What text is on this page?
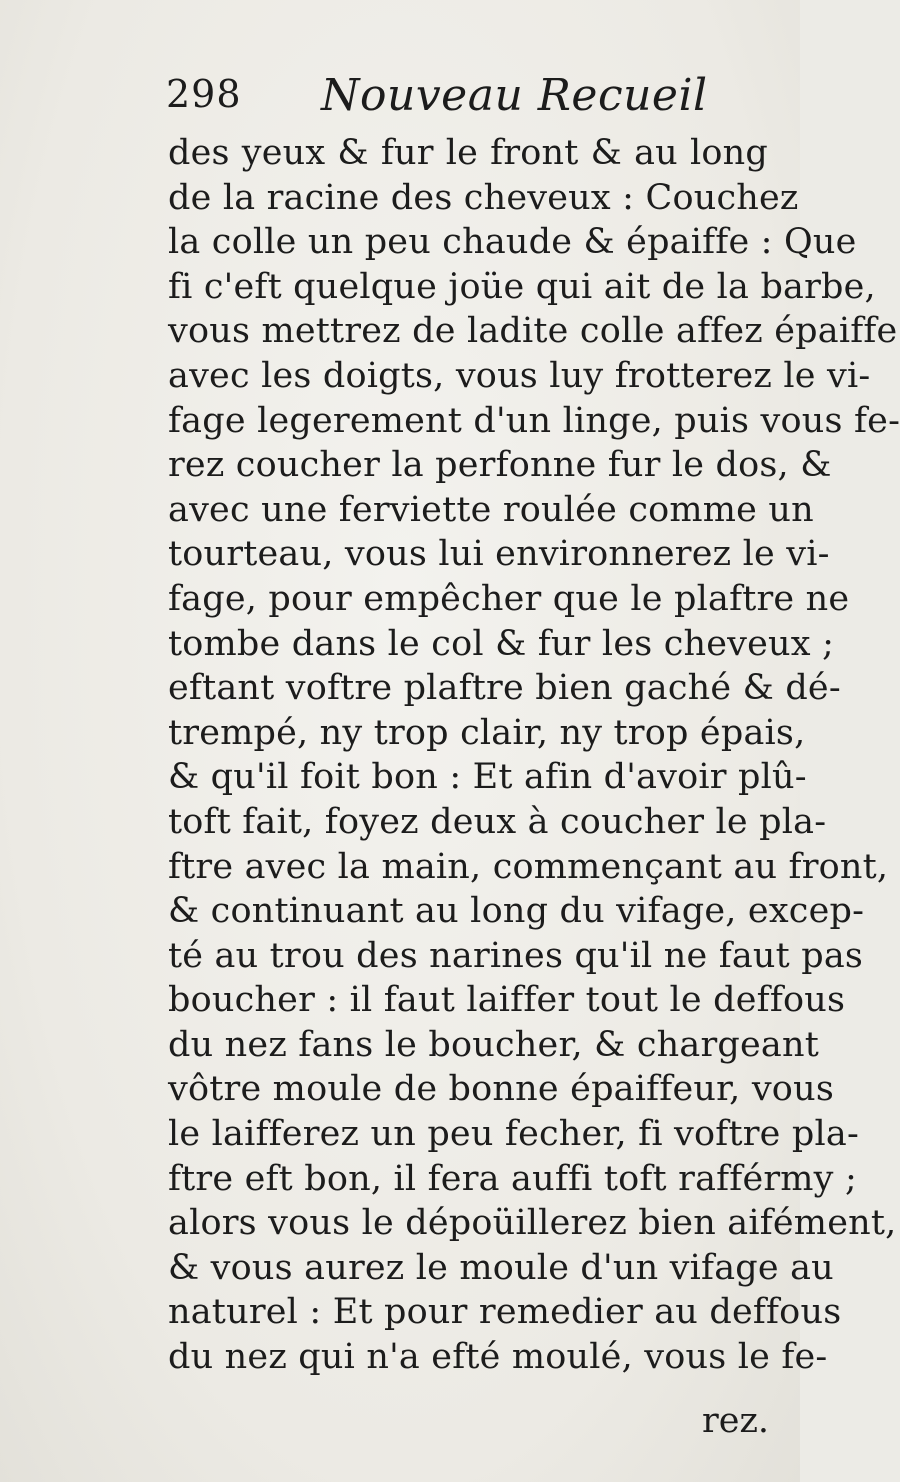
298 Nouveau Recueil
des yeux & fur le front & au long
de la racine des cheveux : Couchez
la colle un peu chaude & épaiffe : Que
fi c'eft quelque joüe qui ait de la barbe,
vous mettrez de ladite colle affez épaiffe
avec les doigts, vous luy frotterez le vi-
fage legerement d'un linge, puis vous fe-
rez coucher la perfonne fur le dos, &
avec une ferviette roulée comme un
tourteau, vous lui environnerez le vi-
fage, pour empêcher que le plaftre ne
tombe dans le col & fur les cheveux ;
eftant voftre plaftre bien gaché & dé-
trempé, ny trop clair, ny trop épais,
& qu'il foit bon : Et afin d'avoir plû-
toft fait, foyez deux à coucher le pla-
ftre avec la main, commençant au front,
& continuant au long du vifage, excep-
té au trou des narines qu'il ne faut pas
boucher : il faut laiffer tout le deffous
du nez fans le boucher, & chargeant
vôtre moule de bonne épaiffeur, vous
le laifferez un peu fecher, fi voftre pla-
ftre eft bon, il fera auffi toft rafférmy ;
alors vous le dépoüillerez bien aifément,
& vous aurez le moule d'un vifage au
naturel : Et pour remedier au deffous
du nez qui n'a efté moulé, vous le fe-
rez.
